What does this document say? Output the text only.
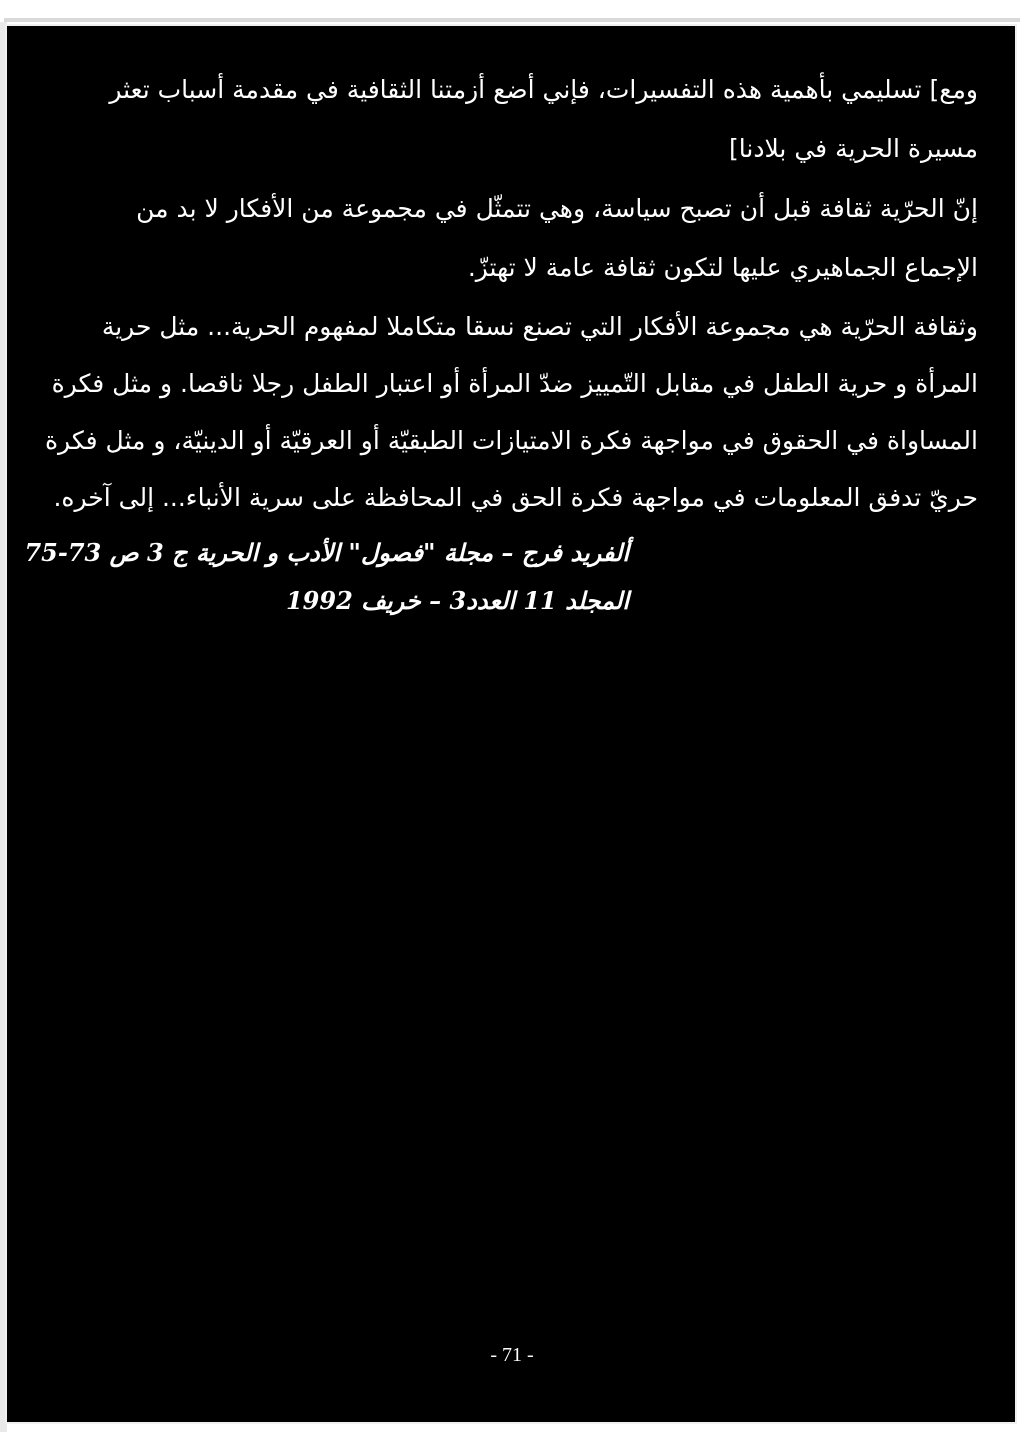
ومع] تسليمي بأهمية هذه التفسيرات، فإني أضع أزمتنا الثقافية في مقدمة أسباب تعثر
مسيرة الحرية في بلادنا]
إنّ الحرّية ثقافة قبل أن تصبح سياسة، وهي تتمثّل في مجموعة من الأفكار لا بد من
الإجماع الجماهيري عليها لتكون ثقافة عامة لا تهتزّ.
وثقافة الحرّية هي مجموعة الأفكار التي تصنع نسقا متكاملا لمفهوم الحرية... مثل حرية
المرأة و حرية الطفل في مقابل التّمييز ضدّ المرأة أو اعتبار الطفل رجلا ناقصا. و مثل فكرة
المساواة في الحقوق في مواجهة فكرة الامتيازات الطبقيّة أو العرقيّة أو الدينيّة، و مثل فكرة
حريّ تدفق المعلومات في مواجهة فكرة الحق في المحافظة على سرية الأنباء... إلى آخره.
ألفريد فرج – مجلة "فصول" الأدب و الحرية ج 3 ص 73-75
المجلد 11 العدد3 – خريف 1992
- 71 -
